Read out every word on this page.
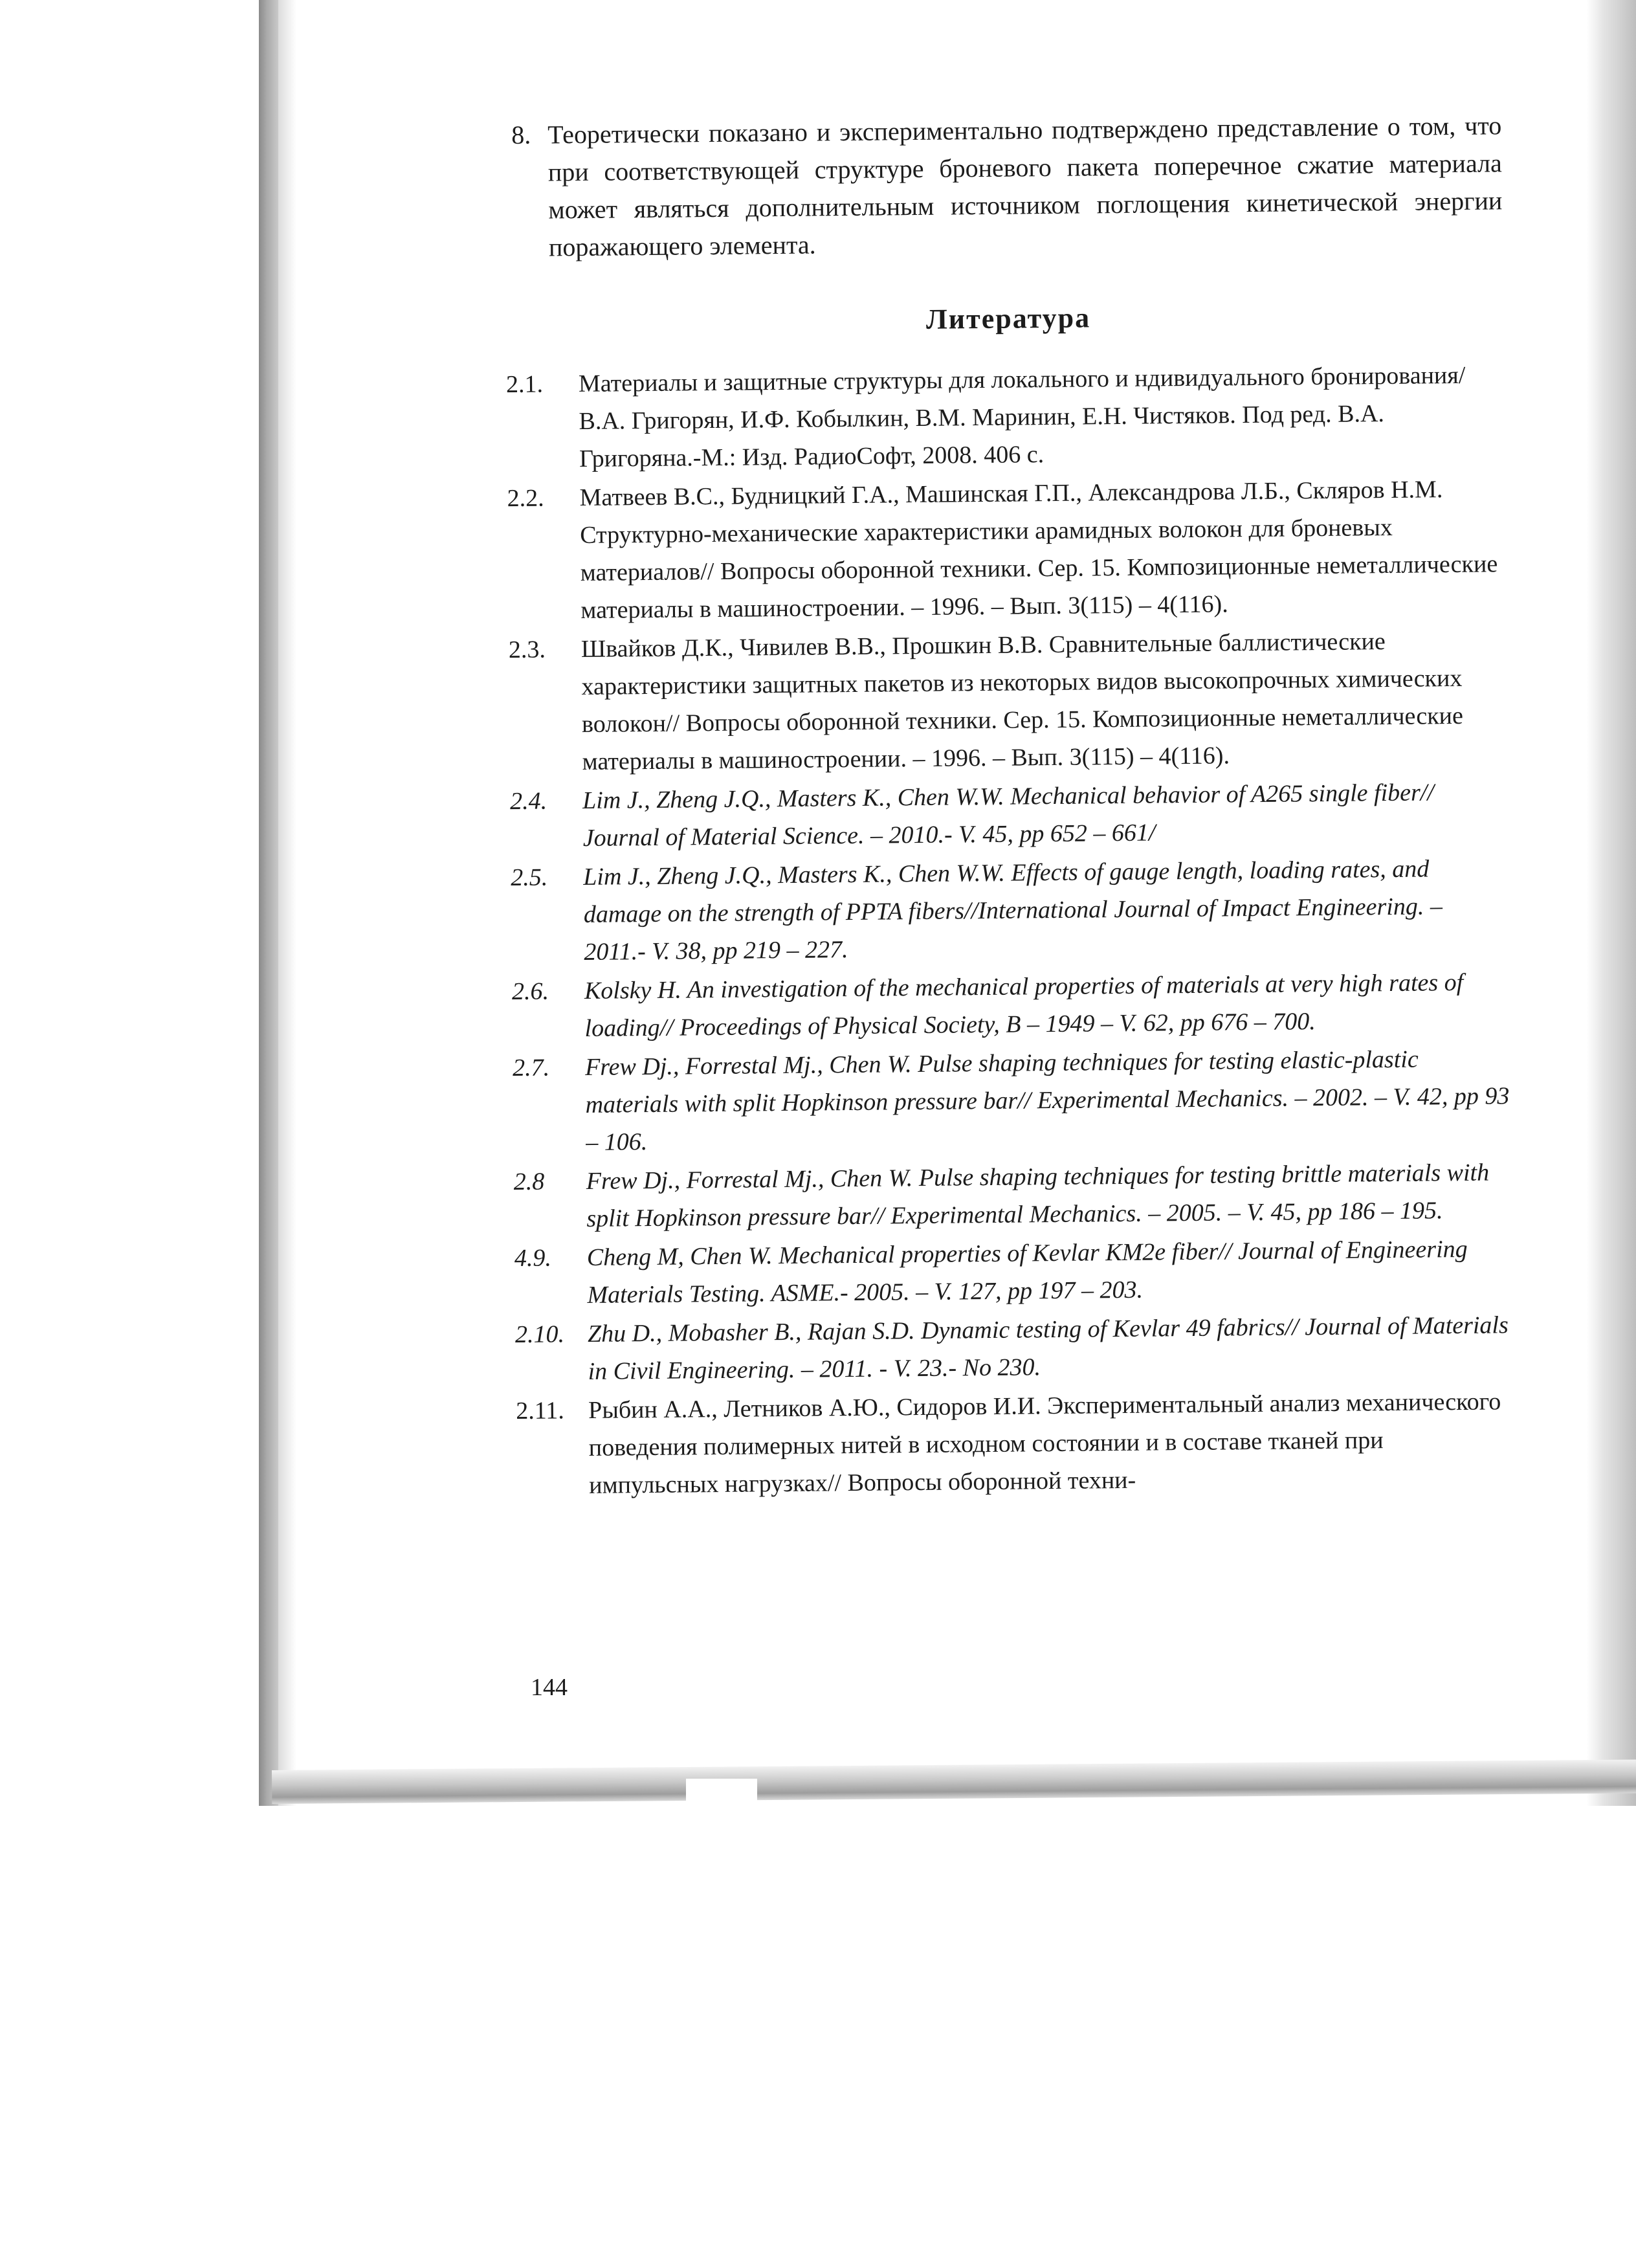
8. Теоретически показано и экспериментально подтверждено представление о том, что при соответствующей структуре броневого пакета поперечное сжатие материала может являться дополнительным источником поглощения кинетической энергии поражающего элемента.
Литература
2.1.	Материалы и защитные структуры для локального и ндивидуального бронирования/ В.А. Григорян, И.Ф. Кобылкин, В.М. Маринин, Е.Н. Чистяков. Под ред. В.А. Григоряна.-М.: Изд. РадиоСофт, 2008. 406 с.
2.2.	Матвеев В.С., Будницкий Г.А., Машинская Г.П., Александрова Л.Б., Скляров Н.М. Структурно-механические характеристики арамидных волокон для броневых материалов// Вопросы оборонной техники. Сер. 15. Композиционные неметаллические материалы в машиностроении. – 1996. – Вып. 3(115) – 4(116).
2.3.	Швайков Д.К., Чивилев В.В., Прошкин В.В. Сравнительные баллистические характеристики защитных пакетов из некоторых видов высокопрочных химических волокон// Вопросы оборонной техники. Сер. 15. Композиционные неметаллические материалы в машиностроении. – 1996. – Вып. 3(115) – 4(116).
2.4.	Lim J., Zheng J.Q., Masters K., Chen W.W. Mechanical behavior of A265 single fiber// Journal of Material Science. – 2010.- V. 45, pp 652 – 661/
2.5.	Lim J., Zheng J.Q., Masters K., Chen W.W. Effects of gauge length, loading rates, and damage on the strength of PPTA fibers//International Journal of Impact Engineering. – 2011.- V. 38, pp 219 – 227.
2.6.	Kolsky H. An investigation of the mechanical properties of materials at very high rates of loading// Proceedings of Physical Society, B – 1949 – V. 62, pp 676 – 700.
2.7.	Frew Dj., Forrestal Mj., Chen W. Pulse shaping techniques for testing elastic-plastic materials with split Hopkinson pressure bar// Experimental Mechanics. – 2002. – V. 42, pp 93 – 106.
2.8	Frew Dj., Forrestal Mj., Chen W. Pulse shaping techniques for testing brittle materials with split Hopkinson pressure bar// Experimental Mechanics. – 2005. – V. 45, pp 186 – 195.
4.9.	Cheng M, Chen W. Mechanical properties of Kevlar KM2e fiber// Journal of Engineering Materials Testing. ASME.- 2005. – V. 127, pp 197 – 203.
2.10. Zhu D., Mobasher B., Rajan S.D. Dynamic testing of Kevlar 49 fabrics// Journal of Materials in Civil Engineering. – 2011. - V. 23.- No 230.
2.11. Рыбин А.А., Летников А.Ю., Сидоров И.И. Экспериментальный анализ механического поведения полимерных нитей в исходном состоянии и в составе тканей при импульсных нагрузках// Вопросы оборонной техни-
144
